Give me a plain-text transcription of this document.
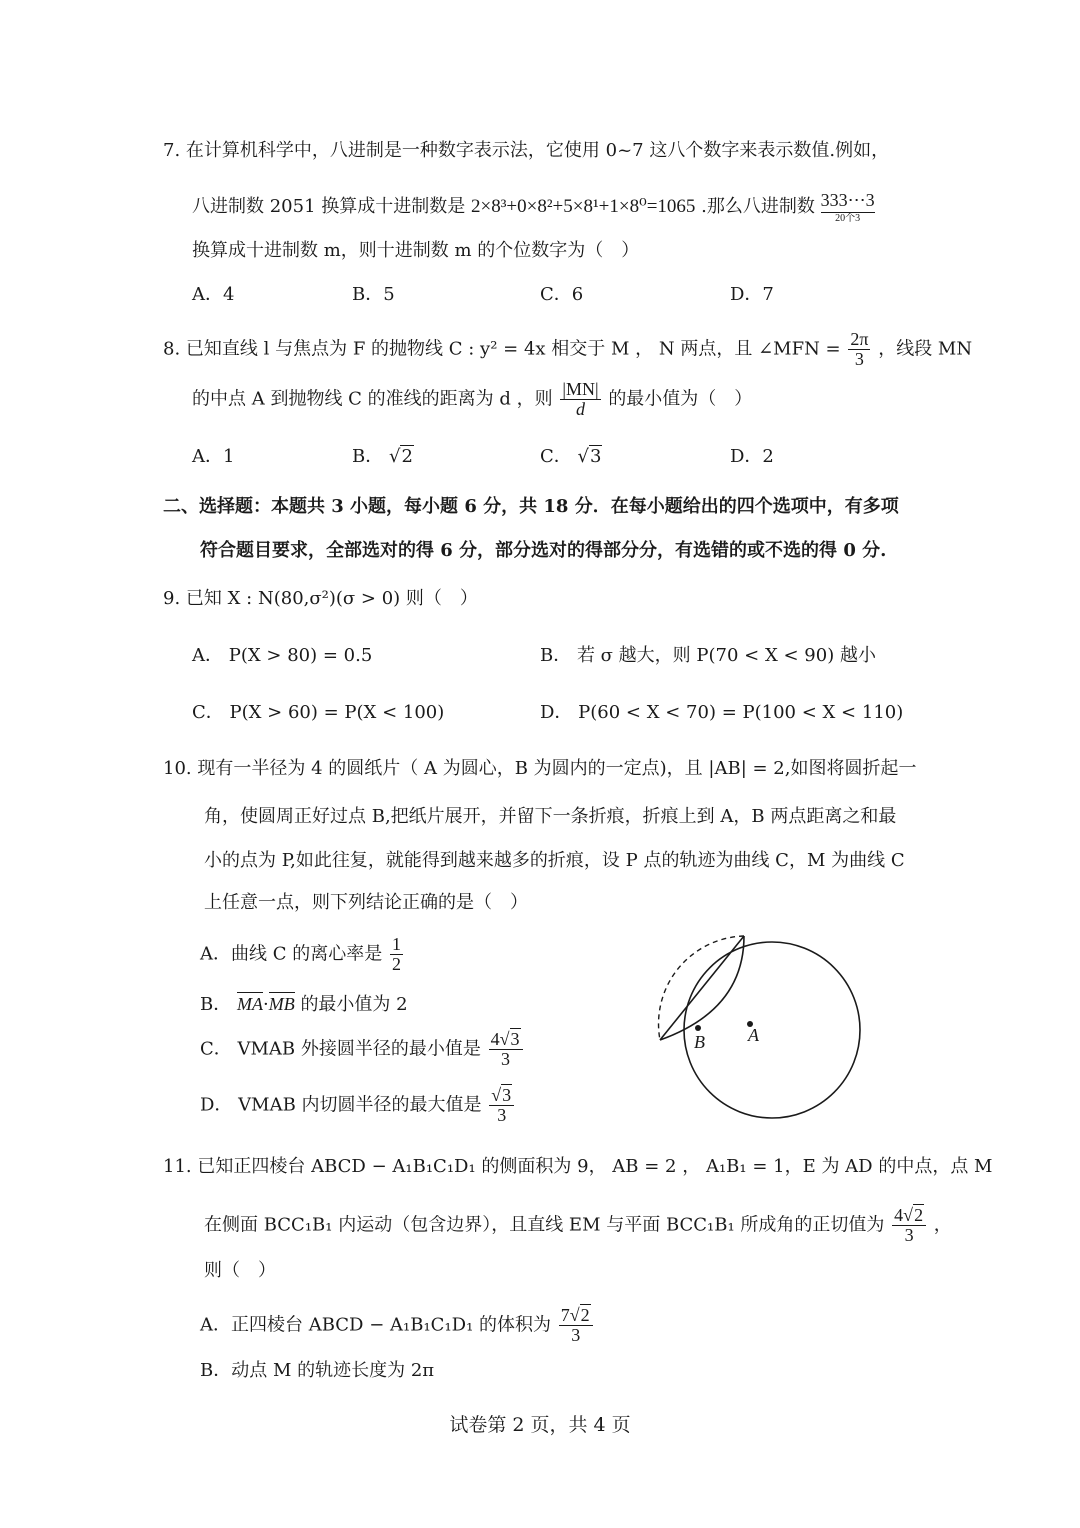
7. 在计算机科学中，八进制是一种数字表示法，它使用 0~7 这八个数字来表示数值.例如，
八进制数 2051 换算成十进制数是 2×8³+0×8²+5×8¹+1×8⁰=1065 .那么八进制数 333⋯3
20个3
换算成十进制数 m，则十进制数 m 的个位数字为（　）
A．4	B．5	C．6	D．7
8. 已知直线 l 与焦点为 F 的抛物线 C : y² = 4x 相交于 M ， N 两点，且 ∠MFN = $\frac{2\pi}{3}$ ，线段 MN
的中点 A 到抛物线 C 的准线的距离为 d ，则 $\frac{|MN|}{d}$ 的最小值为（　）
A．1	B． √2	C． √3	D．2
二、选择题：本题共 3 小题，每小题 6 分，共 18 分．在每小题给出的四个选项中，有多项
符合题目要求，全部选对的得 6 分，部分选对的得部分分，有选错的或不选的得 0 分.
9. 已知 X : N(80,σ²)(σ > 0) 则（　）
A． P(X > 80) = 0.5	B． 若 σ 越大，则 P(70 < X < 90) 越小
C． P(X > 60) = P(X < 100)	D． P(60 < X < 70) = P(100 < X < 110)
10. 现有一半径为 4 的圆纸片（ A 为圆心，B 为圆内的一定点)，且 |AB| = 2,如图将圆折起一
角，使圆周正好过点 B,把纸片展开，并留下一条折痕，折痕上到 A，B 两点距离之和最
小的点为 P,如此往复，就能得到越来越多的折痕，设 P 点的轨迹为曲线 C，M 为曲线 C
上任意一点，则下列结论正确的是（　）
A．曲线 C 的离心率是 $\frac{1}{2}$
B． MA·MB 的最小值为 2
C． VMAB 外接圆半径的最小值是 $\frac{4√3}{3}$
D． VMAB 内切圆半径的最大值是 $\frac{√3}{3}$
B A
11. 已知正四棱台 ABCD − A₁B₁C₁D₁ 的侧面积为 9， AB = 2 ， A₁B₁ = 1，E 为 AD 的中点，点 M
在侧面 BCC₁B₁ 内运动（包含边界），且直线 EM 与平面 BCC₁B₁ 所成角的正切值为 $\frac{4√2}{3}$ ，
则（　）
A．正四棱台 ABCD − A₁B₁C₁D₁ 的体积为 $\frac{7√2}{3}$
B．动点 M 的轨迹长度为 2π
试卷第 2 页，共 4 页
